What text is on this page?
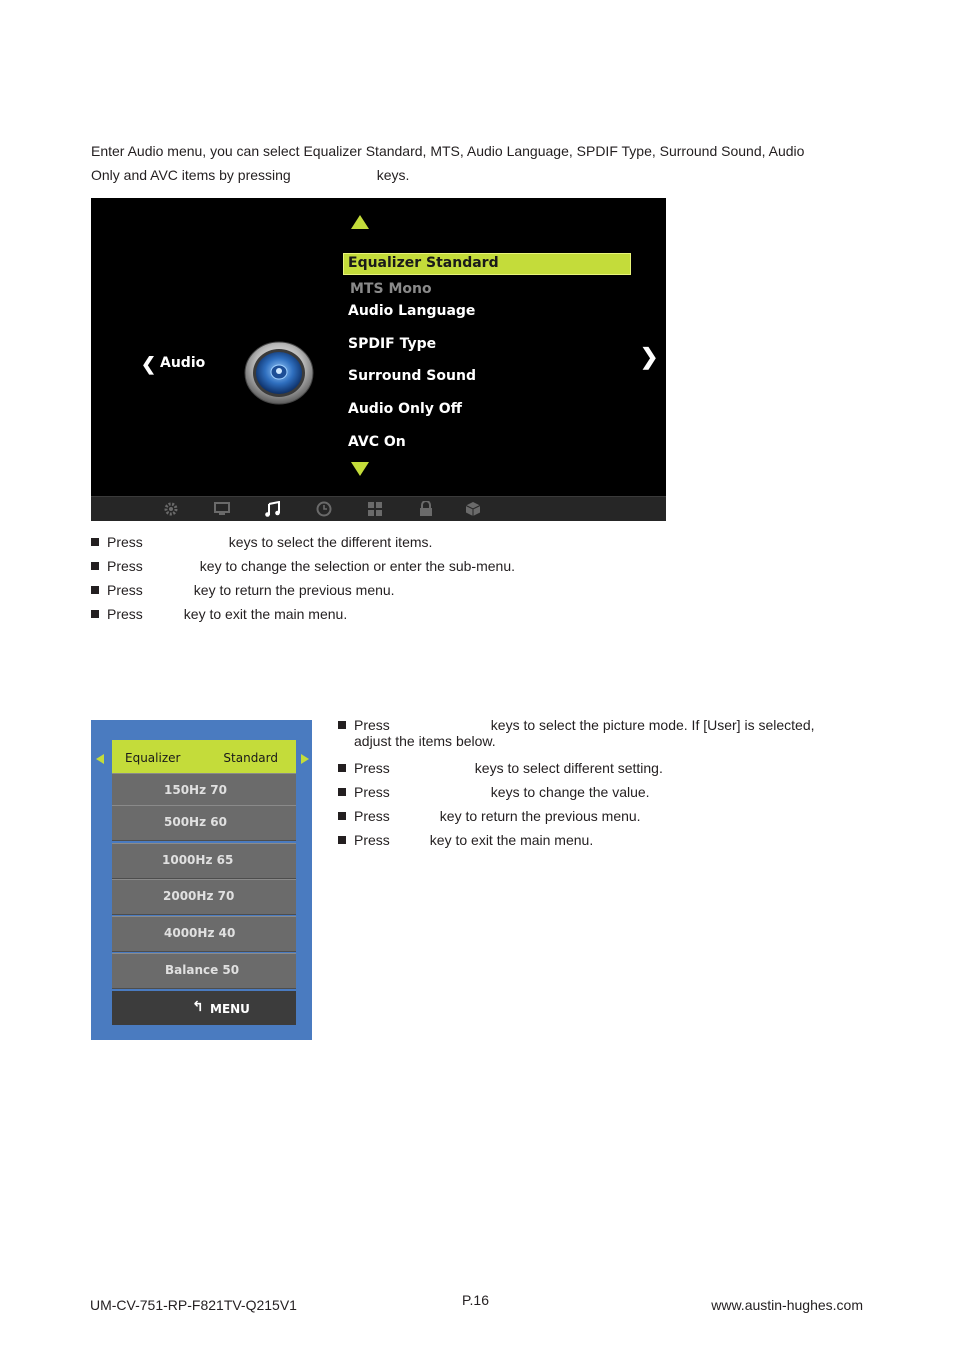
Enter Audio menu, you can select Equalizer Standard, MTS, Audio Language, SPDIF Type, Surround Sound, Audio

Only and AVC items by pressing	keys.

Equalizer Standard
MTS Mono
Audio Language
SPDIF Type
Surround Sound
Audio Only Off
AVC On
❮ Audio	❯
Press	keys to select the different items.
Press	key to change the selection or enter the sub-menu.
Press	key to return the previous menu.
Press	key to exit the main menu.
Equalizer	Standard
150Hz 70
500Hz 60
1000Hz 65
2000Hz 70
4000Hz 40
Balance 50
↰ MENU
Press	keys to select the picture mode. If [User] is selected,
adjust the items below.
Press	keys to select different setting.
Press	keys to change the value.
Press	key to return the previous menu.
Press	key to exit the main menu.
UM-CV-751-RP-F821TV-Q215V1	P.16	www.austin-hughes.com
